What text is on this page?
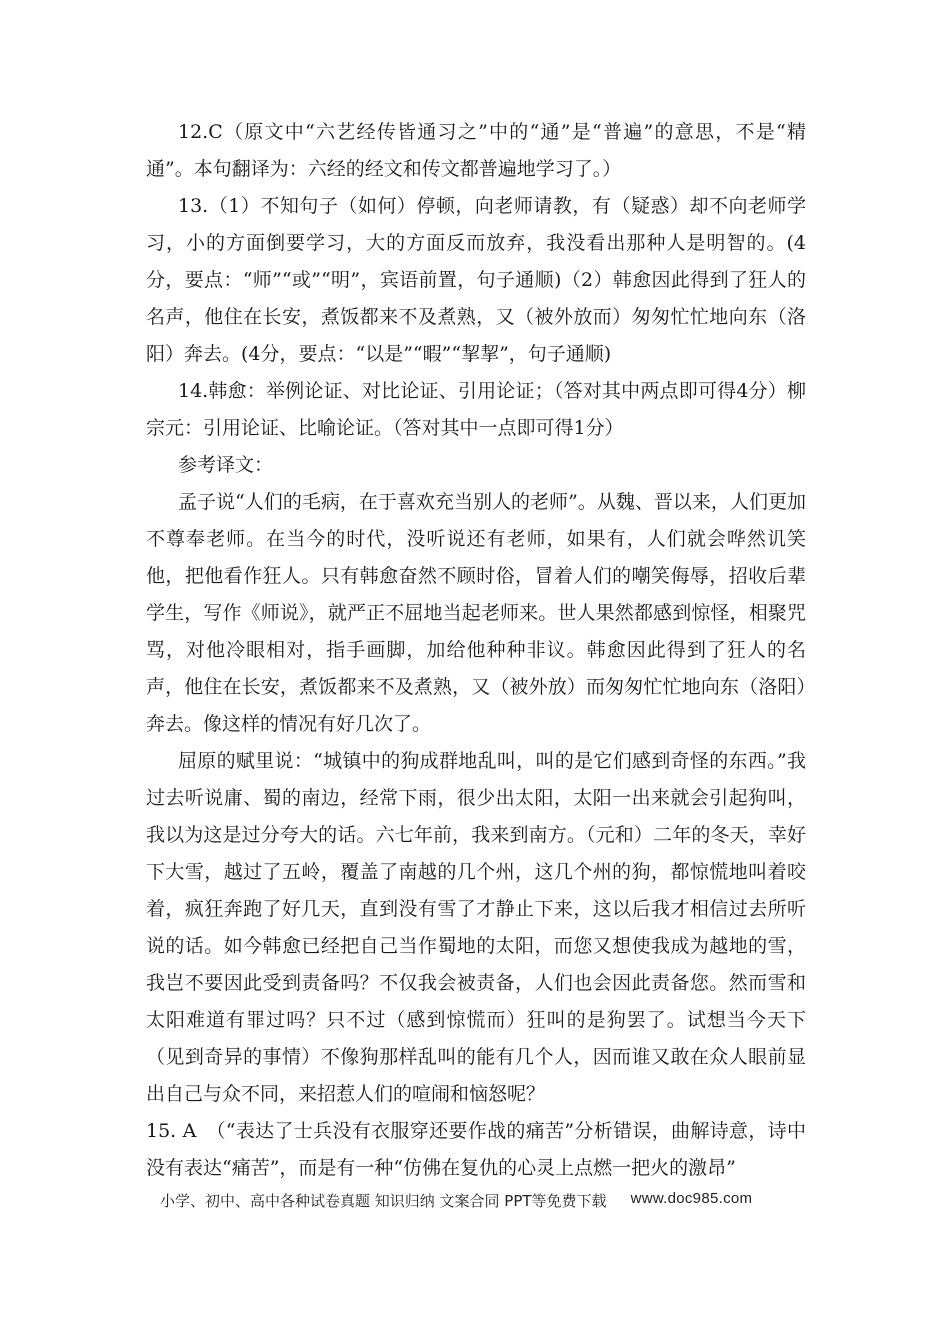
12.C（原文中“六艺经传皆通习之”中的“通”是“普遍”的意思，不是“精通”。本句翻译为：六经的经文和传文都普遍地学习了。）

13.（1）不知句子（如何）停顿，向老师请教，有（疑惑）却不向老师学习，小的方面倒要学习，大的方面反而放弃，我没看出那种人是明智的。(4分，要点：“师”“或”“明”，宾语前置，句子通顺)（2）韩愈因此得到了狂人的名声，他住在长安，煮饭都来不及煮熟，又（被外放而）匆匆忙忙地向东（洛阳）奔去。(4分，要点：“以是”“暇”“挈挈”，句子通顺)

14.韩愈：举例论证、对比论证、引用论证；（答对其中两点即可得4分）柳宗元：引用论证、比喻论证。（答对其中一点即可得1分）

参考译文：

孟子说“人们的毛病，在于喜欢充当别人的老师”。从魏、晋以来，人们更加不尊奉老师。在当今的时代，没听说还有老师，如果有，人们就会哗然讥笑他，把他看作狂人。只有韩愈奋然不顾时俗，冒着人们的嘲笑侮辱，招收后辈学生，写作《师说》，就严正不屈地当起老师来。世人果然都感到惊怪，相聚咒骂，对他冷眼相对，指手画脚，加给他种种非议。韩愈因此得到了狂人的名声，他住在长安，煮饭都来不及煮熟，又（被外放）而匆匆忙忙地向东（洛阳）奔去。像这样的情况有好几次了。

屈原的赋里说：“城镇中的狗成群地乱叫，叫的是它们感到奇怪的东西。”我过去听说庸、蜀的南边，经常下雨，很少出太阳，太阳一出来就会引起狗叫，我以为这是过分夸大的话。六七年前，我来到南方。（元和）二年的冬天，幸好下大雪，越过了五岭，覆盖了南越的几个州，这几个州的狗，都惊慌地叫着咬着，疯狂奔跑了好几天，直到没有雪了才静止下来，这以后我才相信过去所听说的话。如今韩愈已经把自己当作蜀地的太阳，而您又想使我成为越地的雪，我岂不要因此受到责备吗？不仅我会被责备，人们也会因此责备您。然而雪和太阳难道有罪过吗？只不过（感到惊慌而）狂叫的是狗罢了。试想当今天下（见到奇异的事情）不像狗那样乱叫的能有几个人，因而谁又敢在众人眼前显出自己与众不同，来招惹人们的喧闹和恼怒呢？

15. A　（“表达了士兵没有衣服穿还要作战的痛苦”分析错误，曲解诗意，诗中没有表达“痛苦”，而是有一种“仿佛在复仇的心灵上点燃一把火的激昂”

小学、初中、高中各种试卷真题 知识归纳 文案合同 PPT等免费下载 www.doc985.com
